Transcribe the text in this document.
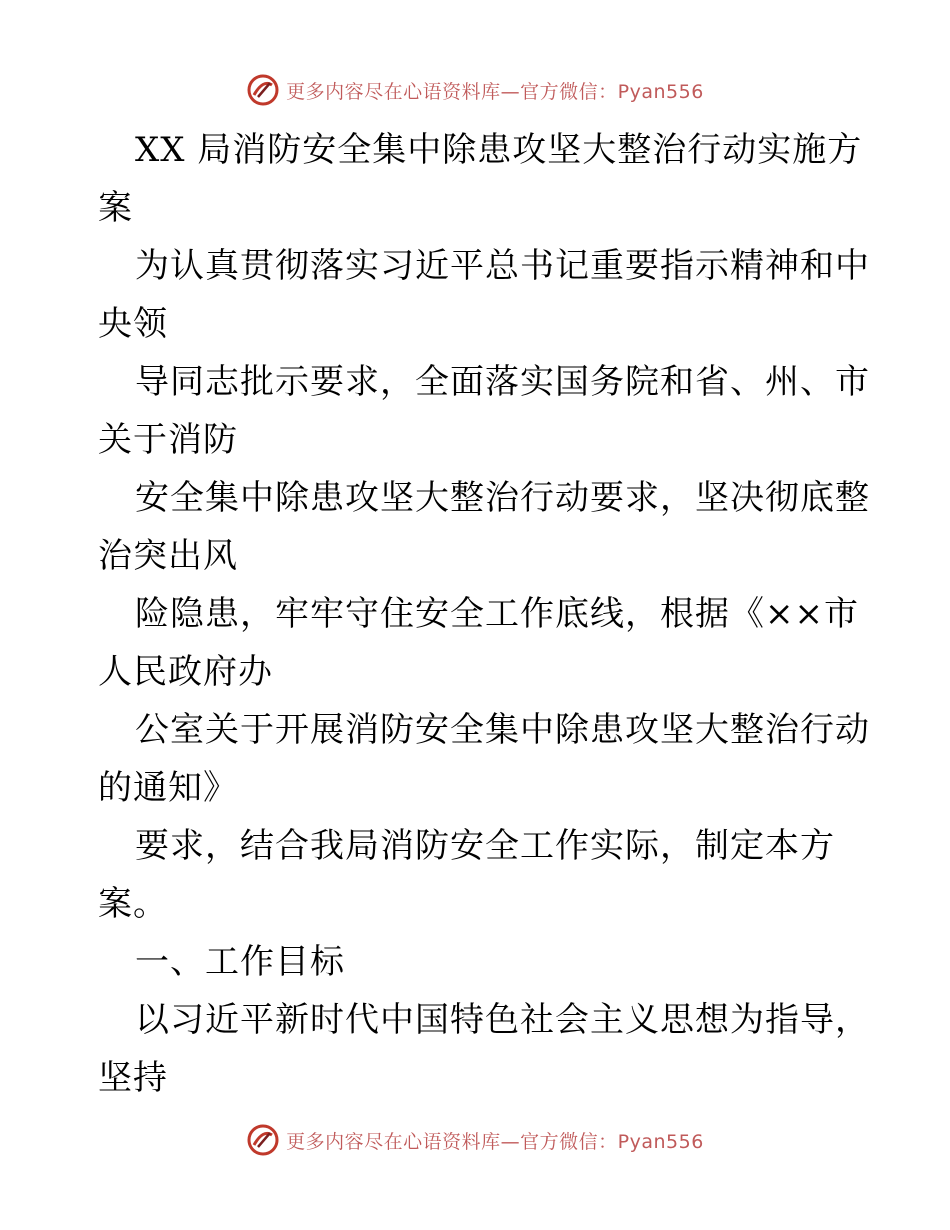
更多内容尽在心语资料库—官方微信：Pyan556
XX 局消防安全集中除患攻坚大整治行动实施方
案
为认真贯彻落实习近平总书记重要指示精神和中
央领
导同志批示要求，全面落实国务院和省、州、市
关于消防
安全集中除患攻坚大整治行动要求，坚决彻底整
治突出风
险隐患，牢牢守住安全工作底线，根据《××市
人民政府办
公室关于开展消防安全集中除患攻坚大整治行动
的通知》
要求，结合我局消防安全工作实际，制定本方
案。
一、工作目标
以习近平新时代中国特色社会主义思想为指导，
坚持
更多内容尽在心语资料库—官方微信：Pyan556
